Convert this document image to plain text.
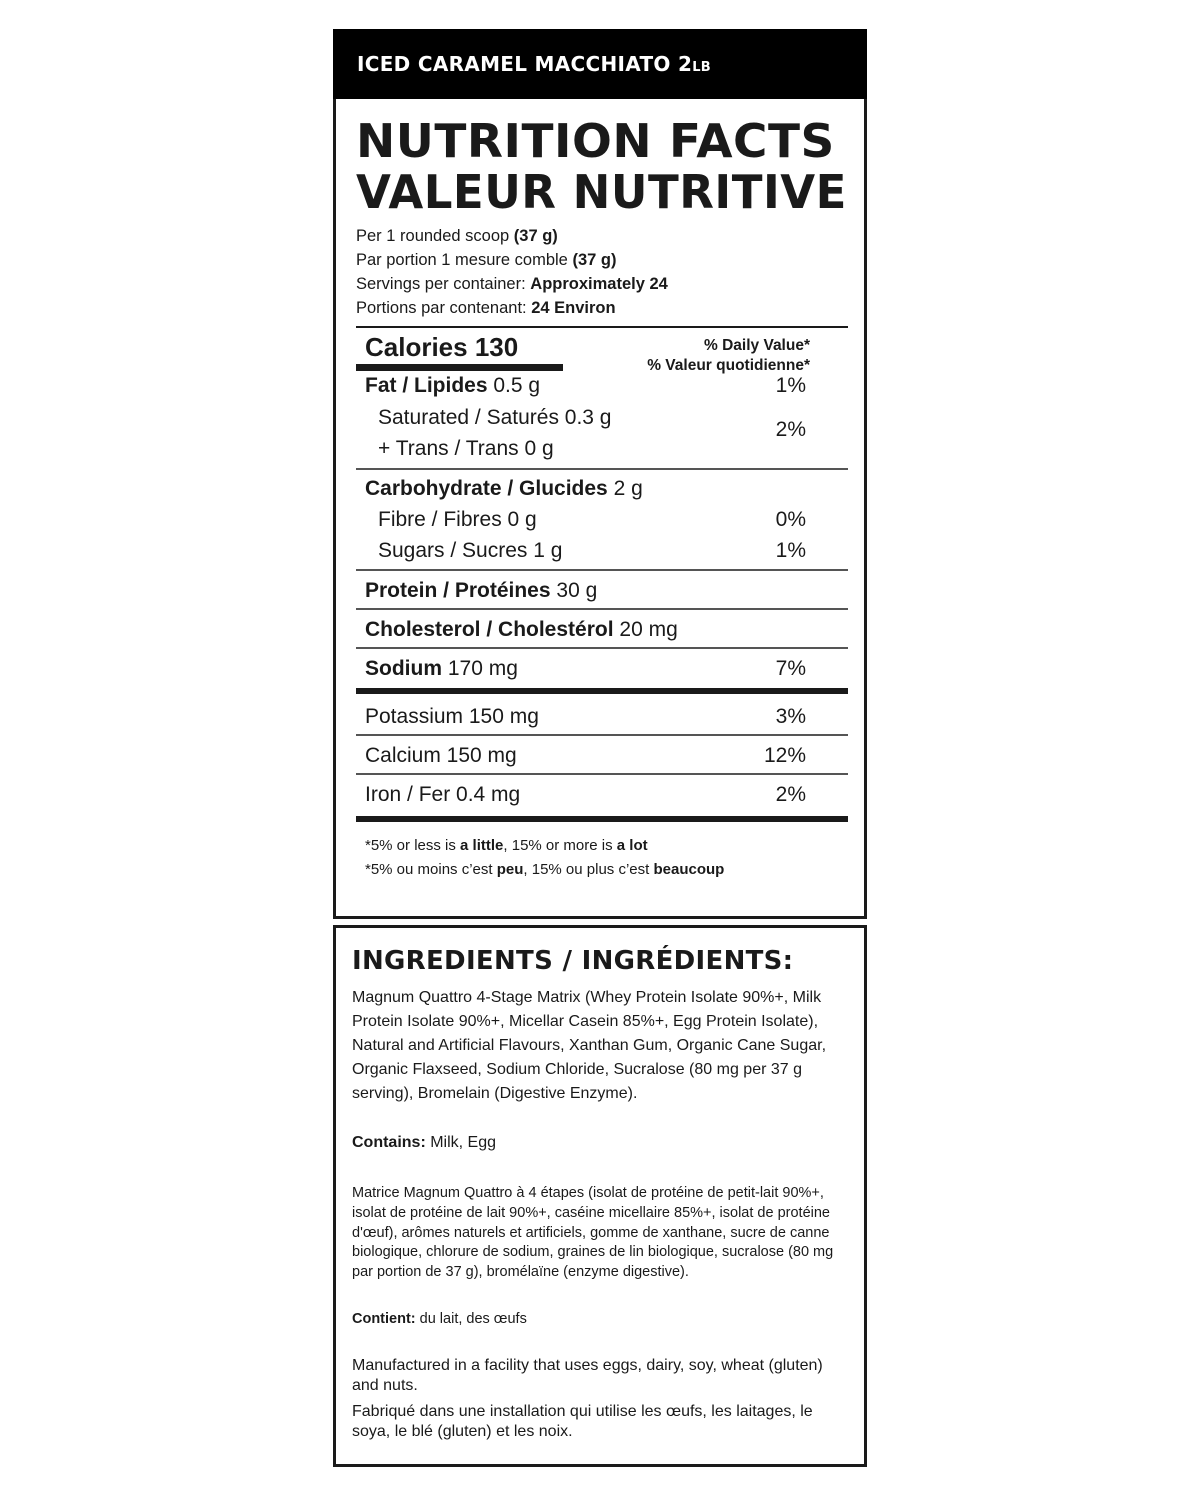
ICED CARAMEL MACCHIATO 2LB
NUTRITION FACTS
VALEUR NUTRITIVE
Per 1 rounded scoop (37 g)
Par portion 1 mesure comble (37 g)
Servings per container: Approximately 24
Portions par contenant: 24 Environ
Calories 130	% Daily Value*
% Valeur quotidienne*
Fat / Lipides 0.5 g	1%
Saturated / Saturés 0.3 g
+ Trans / Trans 0 g
2%
Carbohydrate / Glucides 2 g
Fibre / Fibres 0 g	0%
Sugars / Sucres 1 g	1%
Protein / Protéines 30 g
Cholesterol / Cholestérol 20 mg
Sodium 170 mg	7%
Potassium 150 mg	3%
Calcium 150 mg	12%
Iron / Fer 0.4 mg	2%
*5% or less is a little, 15% or more is a lot
*5% ou moins c’est peu, 15% ou plus c’est beaucoup
INGREDIENTS / INGRÉDIENTS:
Magnum Quattro 4-Stage Matrix (Whey Protein Isolate 90%+, Milk Protein Isolate 90%+, Micellar Casein 85%+, Egg Protein Isolate), Natural and Artificial Flavours, Xanthan Gum, Organic Cane Sugar, Organic Flaxseed, Sodium Chloride, Sucralose (80 mg per 37 g serving), Bromelain (Digestive Enzyme).
Contains: Milk, Egg
Matrice Magnum Quattro à 4 étapes (isolat de protéine de petit-lait 90%+, isolat de protéine de lait 90%+, caséine micellaire 85%+, isolat de protéine d'œuf), arômes naturels et artificiels, gomme de xanthane, sucre de canne biologique, chlorure de sodium, graines de lin biologique, sucralose (80 mg par portion de 37 g), bromélaïne (enzyme digestive).
Contient: du lait, des œufs
Manufactured in a facility that uses eggs, dairy, soy, wheat (gluten) and nuts.
Fabriqué dans une installation qui utilise les œufs, les laitages, le soya, le blé (gluten) et les noix.
